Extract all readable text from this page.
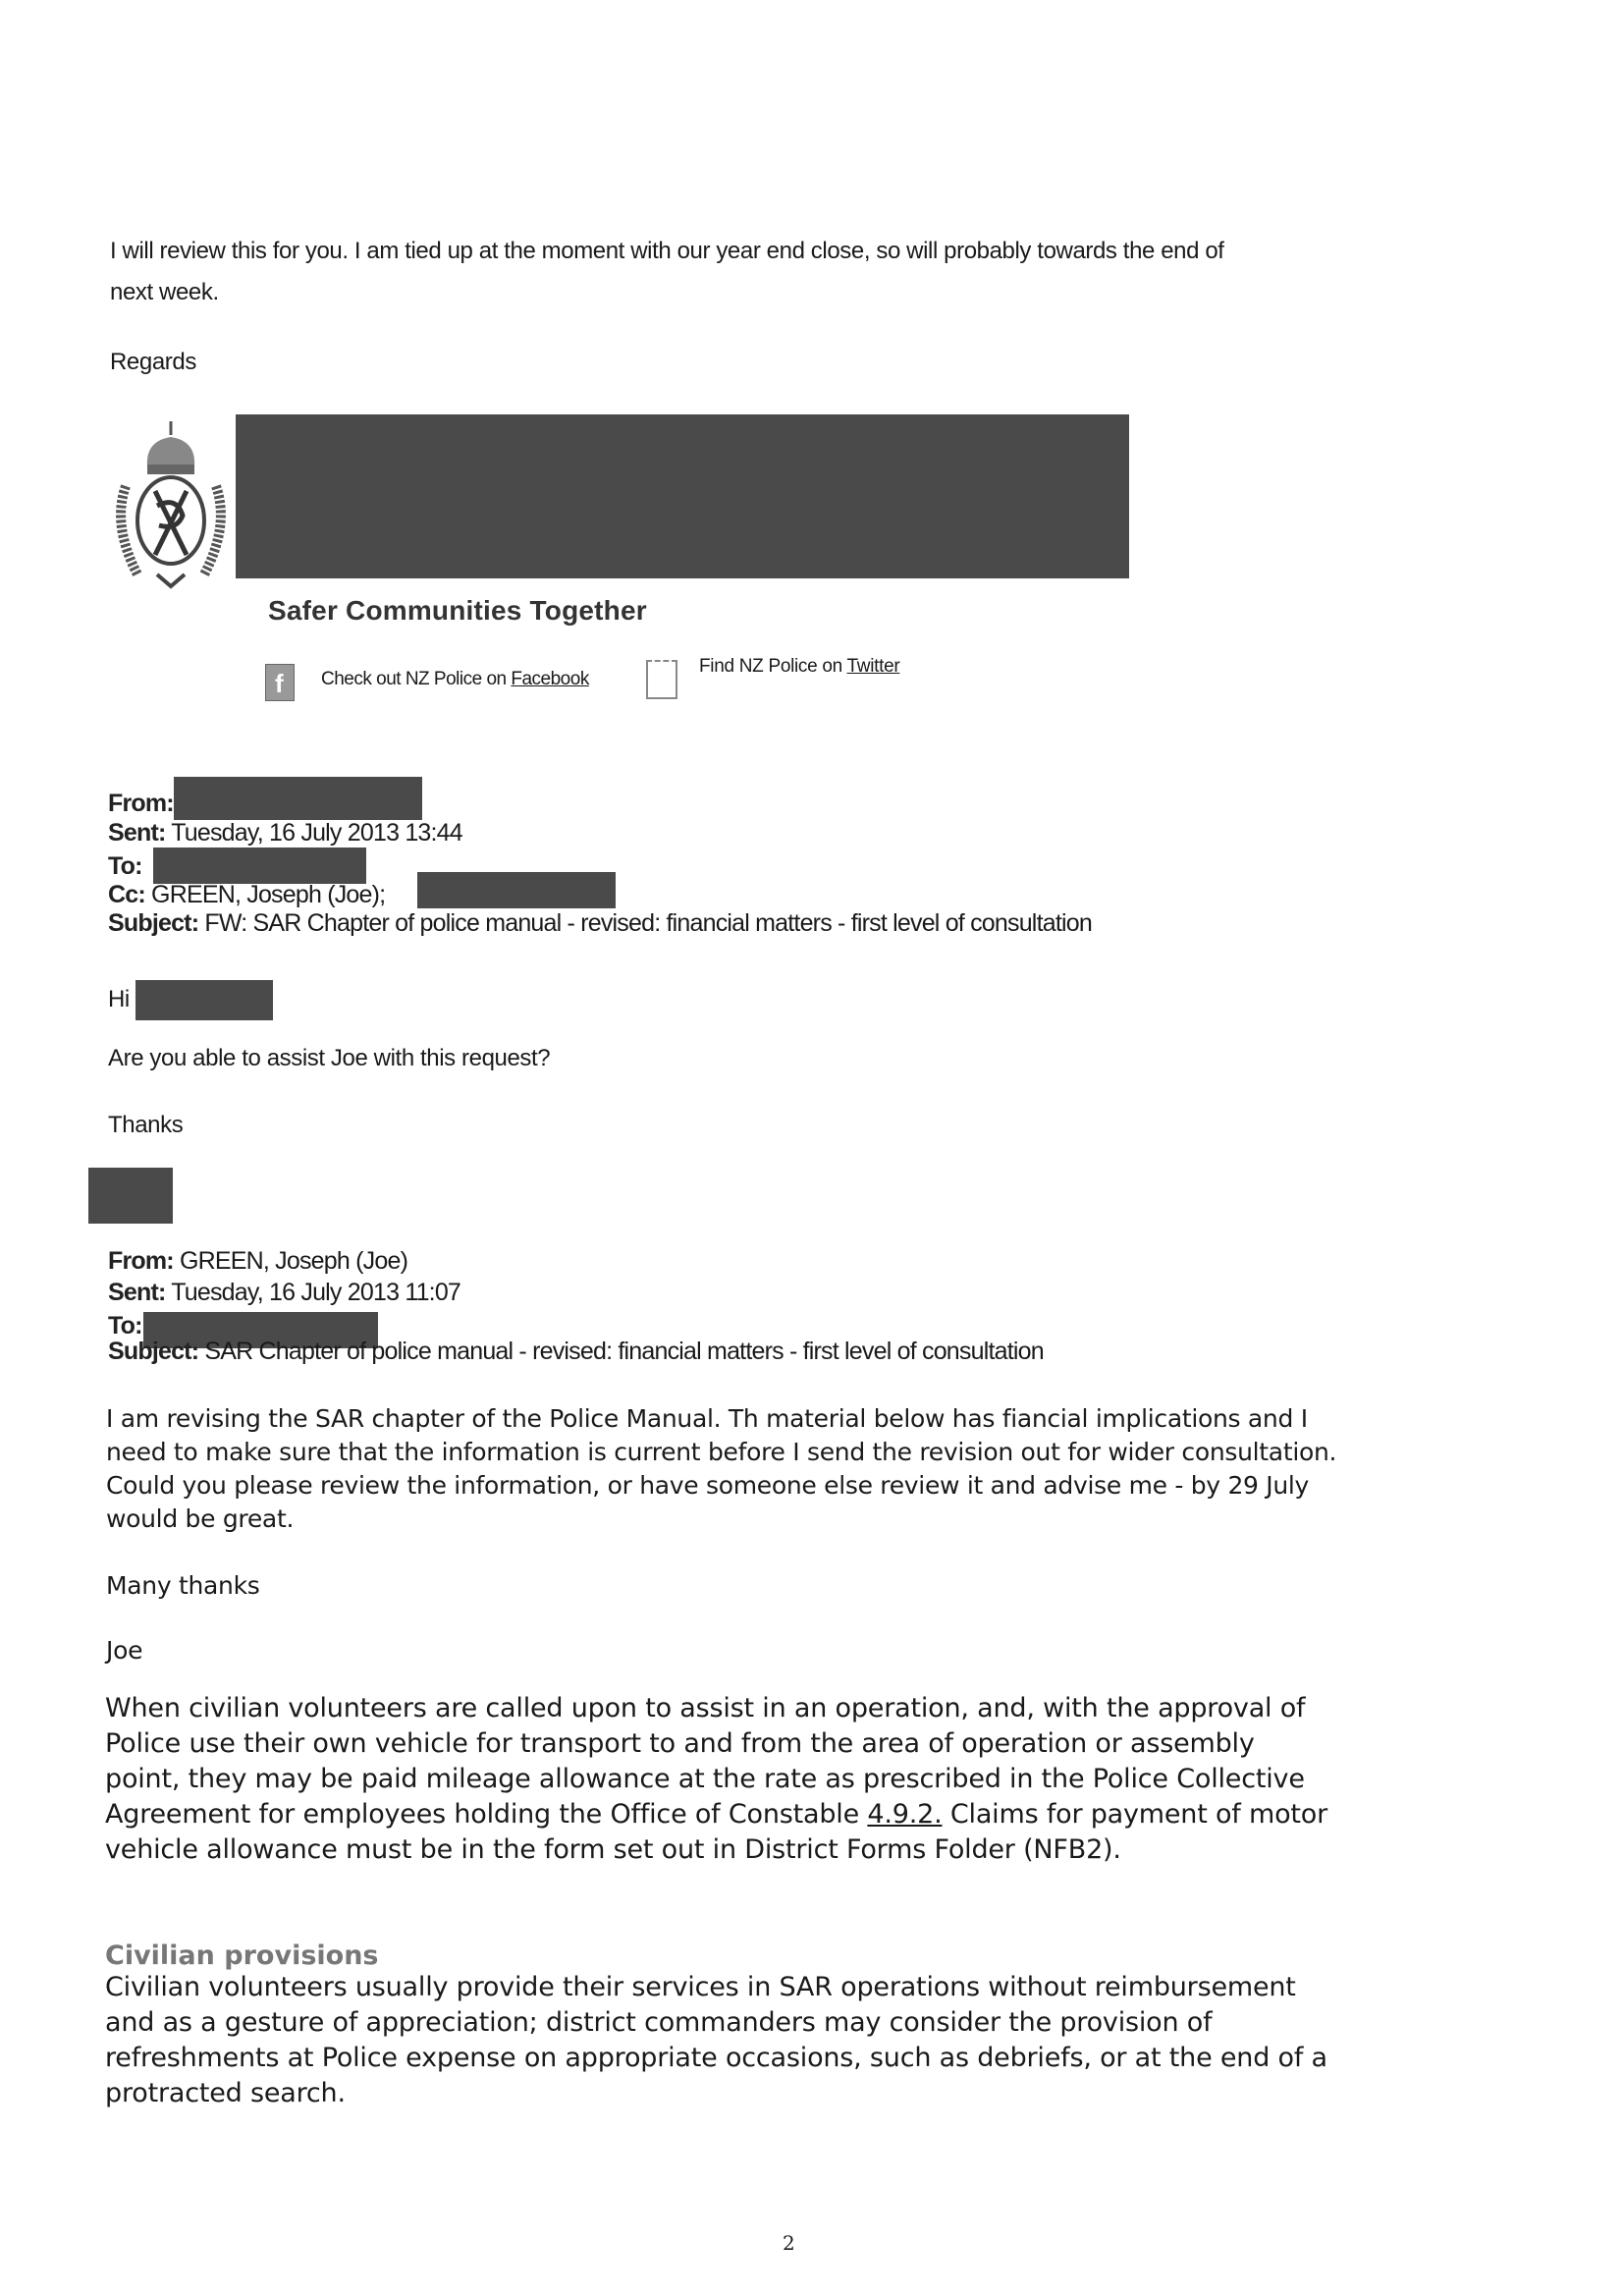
I will review this for you. I am tied up at the moment with our year end close, so will probably towards the end of
next week.
Regards
Safer Communities Together
f Check out NZ Police on Facebook
Find NZ Police on Twitter
From:
Sent: Tuesday, 16 July 2013 13:44
To:
Cc: GREEN, Joseph (Joe);
Subject: FW: SAR Chapter of police manual - revised: financial matters - first level of consultation
Hi
Are you able to assist Joe with this request?
Thanks
From: GREEN, Joseph (Joe)
Sent: Tuesday, 16 July 2013 11:07
To:
Subject: SAR Chapter of police manual - revised: financial matters - first level of consultation
I am revising the SAR chapter of the Police Manual. Th material below has fiancial implications and I
need to make sure that the information is current before I send the revision out for wider consultation.
Could you please review the information, or have someone else review it and advise me - by 29 July
would be great.
Many thanks
Joe
When civilian volunteers are called upon to assist in an operation, and, with the approval of
Police use their own vehicle for transport to and from the area of operation or assembly
point, they may be paid mileage allowance at the rate as prescribed in the Police Collective
Agreement for employees holding the Office of Constable 4.9.2. Claims for payment of motor
vehicle allowance must be in the form set out in District Forms Folder (NFB2).
Civilian provisions
Civilian volunteers usually provide their services in SAR operations without reimbursement
and as a gesture of appreciation; district commanders may consider the provision of
refreshments at Police expense on appropriate occasions, such as debriefs, or at the end of a
protracted search.
2
